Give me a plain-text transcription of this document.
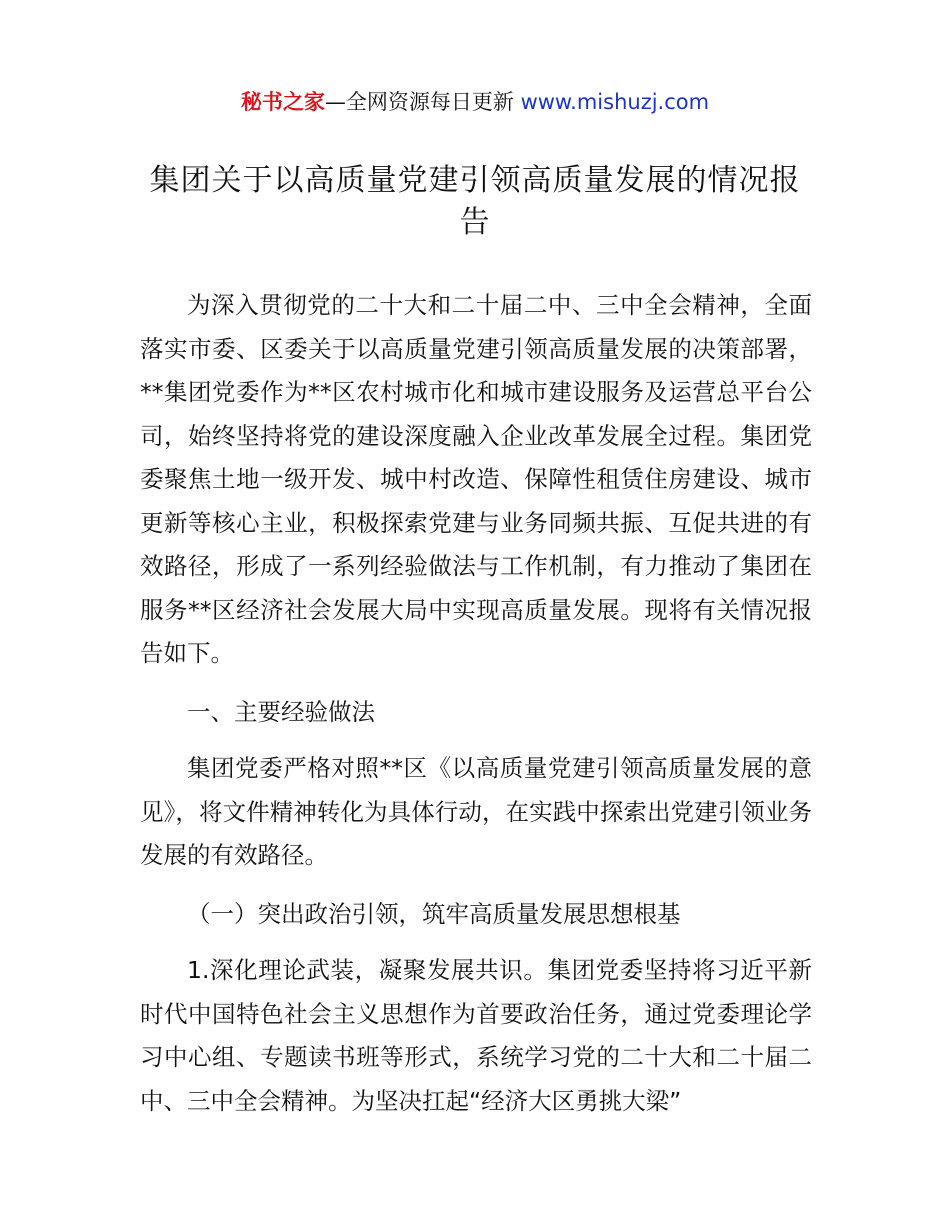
秘书之家—全网资源每日更新 www.mishuzj.com
集团关于以高质量党建引领高质量发展的情况报告

为深入贯彻党的二十大和二十届二中、三中全会精神，全面落实市委、区委关于以高质量党建引领高质量发展的决策部署，**集团党委作为**区农村城市化和城市建设服务及运营总平台公司，始终坚持将党的建设深度融入企业改革发展全过程。集团党委聚焦土地一级开发、城中村改造、保障性租赁住房建设、城市更新等核心主业，积极探索党建与业务同频共振、互促共进的有效路径，形成了一系列经验做法与工作机制，有力推动了集团在服务**区经济社会发展大局中实现高质量发展。现将有关情况报告如下。

一、主要经验做法

集团党委严格对照**区《以高质量党建引领高质量发展的意见》，将文件精神转化为具体行动，在实践中探索出党建引领业务发展的有效路径。

（一）突出政治引领，筑牢高质量发展思想根基

1.深化理论武装，凝聚发展共识。集团党委坚持将习近平新时代中国特色社会主义思想作为首要政治任务，通过党委理论学习中心组、专题读书班等形式，系统学习党的二十大和二十届二中、三中全会精神。为坚决扛起“经济大区勇挑大梁”
